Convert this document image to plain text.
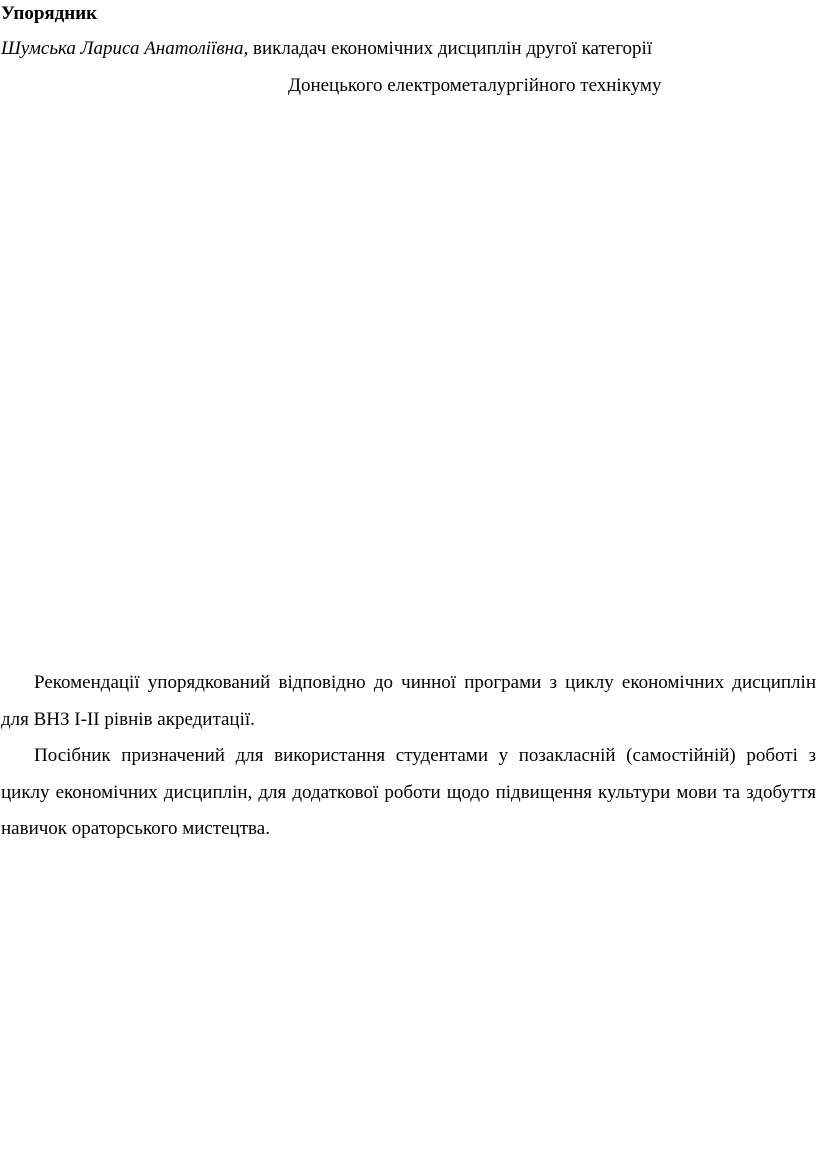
Упорядник
Шумська Лариса Анатоліївна, викладач економічних дисциплін другої категорії
Донецького електрометалургійного технікуму

Рекомендації упорядкований відповідно до чинної програми з циклу економічних дисциплін для ВНЗ І-ІІ рівнів акредитації.

Посібник призначений для використання студентами у позакласній (самостійній) роботі з циклу економічних дисциплін, для додаткової роботи щодо підвищення культури мови та здобуття навичок ораторського мистецтва.
